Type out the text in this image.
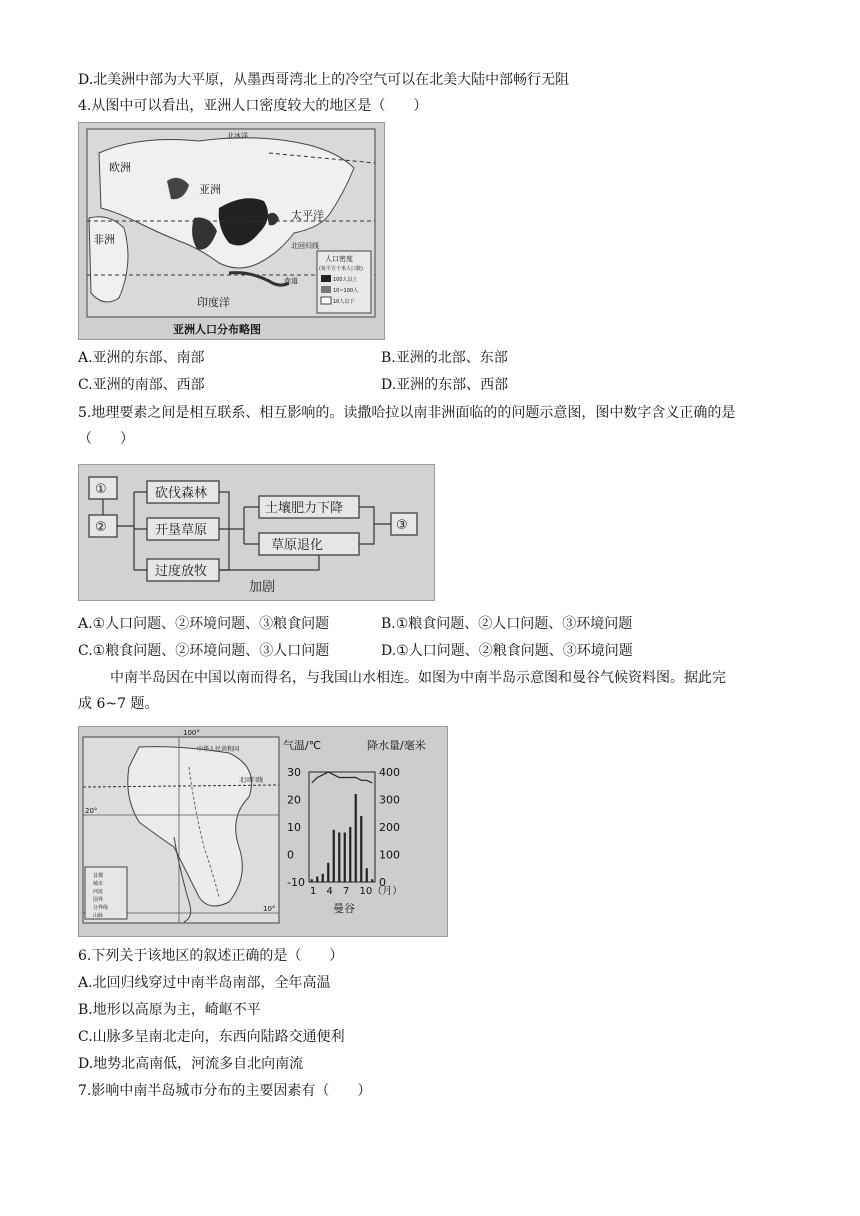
D.北美洲中部为大平原，从墨西哥湾北上的冷空气可以在北美大陆中部畅行无阻
4.从图中可以看出，亚洲人口密度较大的地区是（　　）
北冰洋
欧洲
亚洲
太平洋
非洲
印度洋
北回归线
赤道
人口密度
(每平方千米人口数)
100人以上
10~100人
10人以下
亚洲人口分布略图
A.亚洲的东部、南部	B.亚洲的北部、东部
C.亚洲的南部、西部	D.亚洲的东部、西部
5.地理要素之间是相互联系、相互影响的。读撒哈拉以南非洲面临的的问题示意图，图中数字含义正确的是
（　　）
①
②
砍伐森林
开垦草原
过度放牧
土壤肥力下降
草原退化
③
加剧
A.①人口问题、②环境问题、③粮食问题	B.①粮食问题、②人口问题、③环境问题
C.①粮食问题、②环境问题、③人口问题	D.①人口问题、②粮食问题、③环境问题
中南半岛因在中国以南而得名，与我国山水相连。如图为中南半岛示意图和曼谷气候资料图。据此完
成 6~7 题。
100°
20°
10°
中华人民共和国
北回归线
首都
城市
河流
国界
分界线
山脉
气温/℃	降水量/毫米
30
20
10
0
-10
400
300
200
100
0
1 4 7 10（月）
曼谷
6.下列关于该地区的叙述正确的是（　　）
A.北回归线穿过中南半岛南部，全年高温
B.地形以高原为主，崎岖不平
C.山脉多呈南北走向，东西向陆路交通便利
D.地势北高南低，河流多自北向南流
7.影响中南半岛城市分布的主要因素有（　　）
